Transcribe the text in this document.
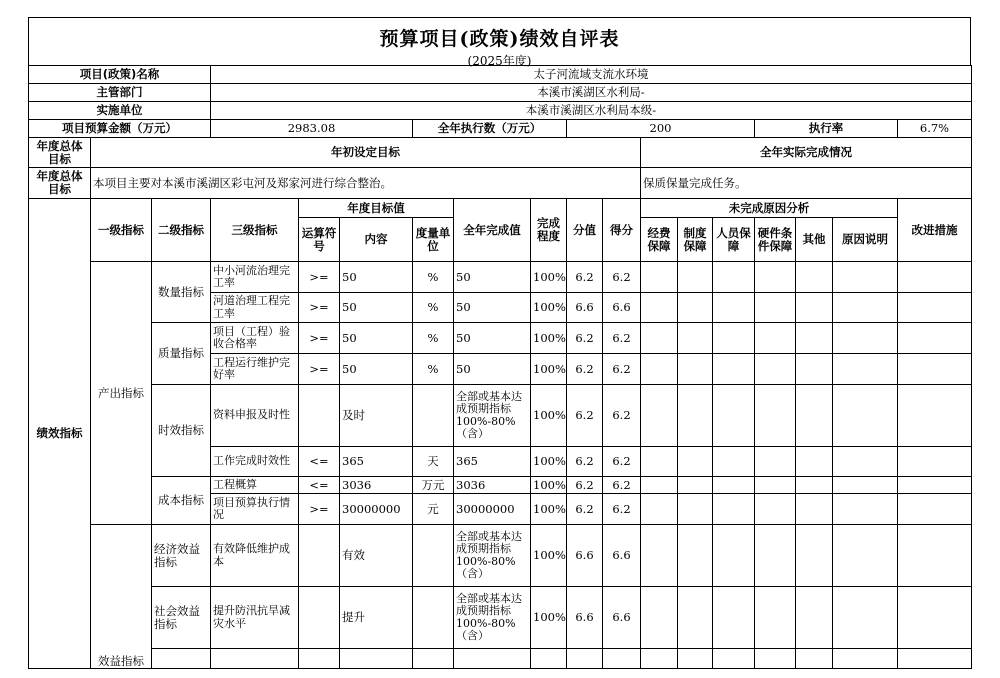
预算项目(政策)绩效自评表
(2025年度)
项目(政策)名称			太子河流域支流水环境														
主管部门			本溪市溪湖区水利局-														
实施单位			本溪市溪湖区水利局本级-														
项目预算金额（万元）			2983.08			全年执行数（万元）			200					执行率			6.7%
年度总体目标	年初设定目标										全年实际完成情况						
年度总体目标	本项目主要对本溪市溪湖区彩屯河及郑家河进行综合整治。										保质保量完成任务。						
绩效指标	一级指标	二级指标	三级指标	年度目标值			全年完成值	完成程度	分值	得分	未完成原因分析						改进措施
				运算符号	内容	度量单位					经费保障	制度保障	人员保障	硬件条件保障	其他	原因说明	

	产出指标	数量指标	中小河流治理完工率	>=	50	%	50	100%	6.2	6.2							
			河道治理工程完工率	>=	50	%	50	100%	6.6	6.6							
		质量指标	项目（工程）验收合格率	>=	50	%	50	100%	6.2	6.2							
			工程运行维护完好率	>=	50	%	50	100%	6.2	6.2							
		时效指标	资料申报及时性		及时		全部或基本达成预期指标100%-80%（含）	100%	6.2	6.2							
			工作完成时效性	<=	365	天	365	100%	6.2	6.2							
		成本指标	工程概算	<=	3036	万元	3036	100%	6.2	6.2							
			项目预算执行情况	>=	30000000	元	30000000	100%	6.2	6.2							
	效益指标	经济效益指标	有效降低维护成本		有效		全部或基本达成预期指标100%-80%（含）	100%	6.6	6.6							
		社会效益指标	提升防汛抗旱减灾水平		提升		全部或基本达成预期指标100%-80%（含）	100%	6.6	6.6							
